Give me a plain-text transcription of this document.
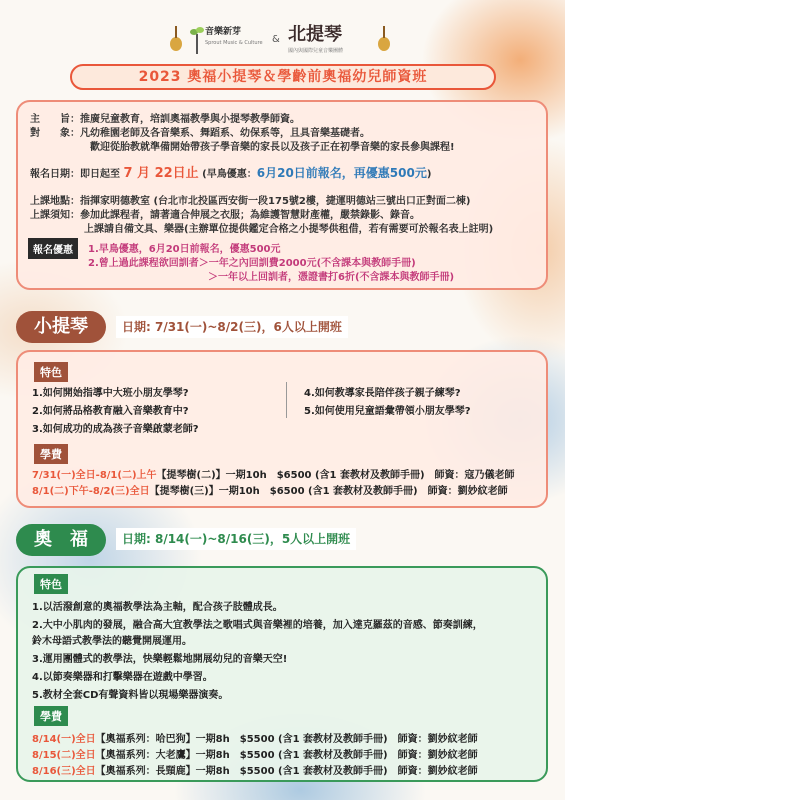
音樂新芽
Sprout Music & Culture & 北提琴
國內與國際兒童音樂團體
2023 奧福小提琴＆學齡前奧福幼兒師資班
主　　旨：推廣兒童教育，培訓奧福教學與小提琴教學師資。
對　　象：凡幼稚園老師及各音樂系、舞蹈系、幼保系等，且具音樂基礎者。
歡迎從胎教就準備開始帶孩子學音樂的家長以及孩子正在初學音樂的家長參與課程!
報名日期：即日起至 7 月 22日止 (早鳥優惠：6月20日前報名，再優惠500元)
上課地點：指揮家明德教室 (台北市北投區西安街一段175號2樓，捷運明德站三號出口正對面二棟)
上課須知：參加此課程者，請著適合伸展之衣服；為維護智慧財產權，嚴禁錄影、錄音。
上課請自備文具、樂器(主辦單位提供鑑定合格之小提琴供租借，若有需要可於報名表上註明)
報名優惠	1.早鳥優惠，6月20日前報名，優惠500元
2.曾上過此課程欲回訓者＞一年之內回訓費2000元(不含課本與教師手冊)
＞一年以上回訓者，憑證書打6折(不含課本與教師手冊)
小提琴	日期: 7/31(一)~8/2(三)，6人以上開班
特色
1.如何開始指導中大班小朋友學琴?
2.如何將品格教育融入音樂教育中?
3.如何成功的成為孩子音樂啟蒙老師?
4.如何教導家長陪伴孩子親子練琴?
5.如何使用兒童語彙帶領小朋友學琴?
學費
7/31(一)全日-8/1(二)上午【提琴樹(二)】一期10h　$6500 (含1 套教材及教師手冊)　師資：寇乃儀老師
8/1(二)下午-8/2(三)全日【提琴樹(三)】一期10h　$6500 (含1 套教材及教師手冊)　師資：劉妙紋老師
奧　福	日期: 8/14(一)~8/16(三)，5人以上開班
特色
1.以活潑創意的奧福教學法為主軸，配合孩子肢體成長。
2.大中小肌肉的發展，融合高大宜教學法之歌唱式與音樂裡的培養，加入達克羅茲的音感、節奏訓練，
鈴木母語式教學法的聽覺開展運用。
3.運用團體式的教學法，快樂輕鬆地開展幼兒的音樂天空!
4.以節奏樂器和打擊樂器在遊戲中學習。
5.教材全套CD有聲資料皆以現場樂器演奏。
學費
8/14(一)全日【奧福系列：哈巴狗】一期8h　$5500 (含1 套教材及教師手冊)　師資：劉妙紋老師
8/15(二)全日【奧福系列：大老鷹】一期8h　$5500 (含1 套教材及教師手冊)　師資：劉妙紋老師
8/16(三)全日【奧福系列：長頸鹿】一期8h　$5500 (含1 套教材及教師手冊)　師資：劉妙紋老師
